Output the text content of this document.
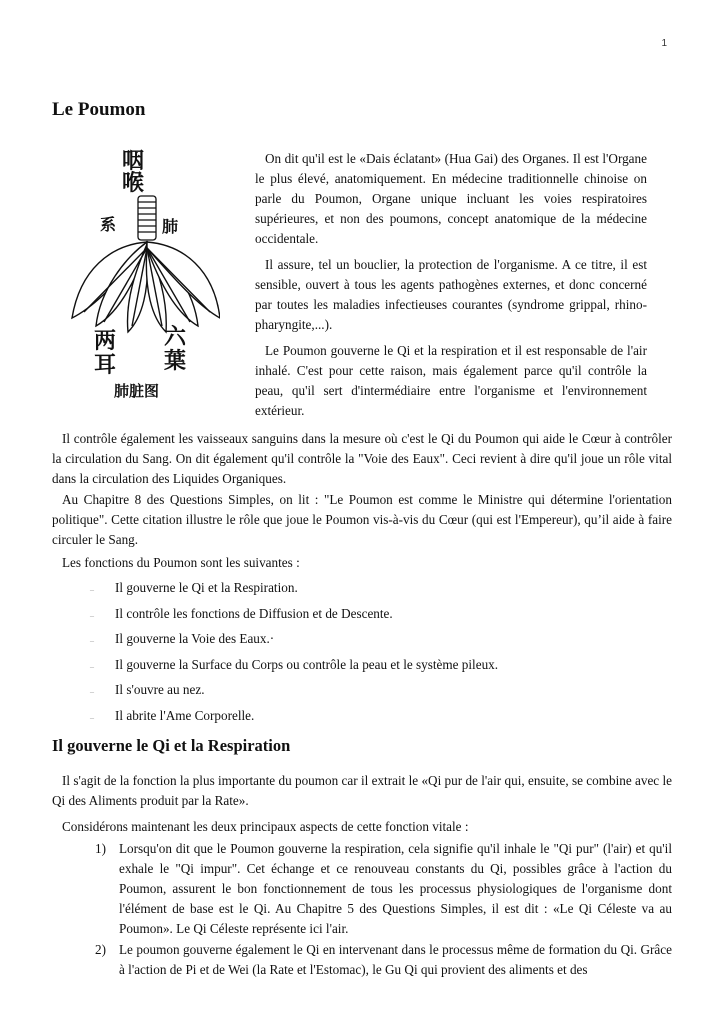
1
Le Poumon
咽
喉
系	肺
两
耳
六
葉
肺脏图

On dit qu'il est le «Dais éclatant» (Hua Gai) des Organes. Il est l'Organe le plus élevé, anatomiquement. En médecine traditionnelle chinoise on parle du Poumon, Organe unique incluant les voies respiratoires supérieures, et non des poumons, concept anatomique de la médecine occidentale.

Il assure, tel un bouclier, la protection de l'organisme. A ce titre, il est sensible, ouvert à tous les agents pathogènes externes, et donc concerné par toutes les maladies infectieuses courantes (syndrome grippal, rhino-pharyngite,...).

Le Poumon gouverne le Qi et la respiration et il est responsable de l'air inhalé. C'est pour cette raison, mais également parce qu'il contrôle la peau, qu'il sert d'intermédiaire entre l'organisme et l'environnement extérieur.

Il contrôle également les vaisseaux sanguins dans la mesure où c'est le Qi du Poumon qui aide le Cœur à contrôler la circulation du Sang. On dit également qu'il contrôle la "Voie des Eaux". Ceci revient à dire qu'il joue un rôle vital dans la circulation des Liquides Organiques.

Au Chapitre 8 des Questions Simples, on lit : "Le Poumon est comme le Ministre qui détermine l'orientation politique". Cette citation illustre le rôle que joue le Poumon vis-à-vis du Cœur (qui est l'Empereur), qu’il aide à faire circuler le Sang.

Les fonctions du Poumon sont les suivantes :

– Il gouverne le Qi et la Respiration.
– Il contrôle les fonctions de Diffusion et de Descente.
– Il gouverne la Voie des Eaux.·
– Il gouverne la Surface du Corps ou contrôle la peau et le système pileux.
– Il s'ouvre au nez.
– Il abrite l'Ame Corporelle.
Il gouverne le Qi et la Respiration

Il s'agit de la fonction la plus importante du poumon car il extrait le «Qi pur de l'air qui, ensuite, se combine avec le Qi des Aliments produit par la Rate».

Considérons maintenant les deux principaux aspects de cette fonction vitale :

1) Lorsqu'on dit que le Poumon gouverne la respiration, cela signifie qu'il inhale le "Qi pur" (l'air) et qu'il exhale le "Qi impur". Cet échange et ce renouveau constants du Qi, possibles grâce à l'action du Poumon, assurent le bon fonctionnement de tous les processus physiologiques de l'organisme dont l'élément de base est le Qi. Au Chapitre 5 des Questions Simples, il est dit : «Le Qi Céleste va au Poumon». Le Qi Céleste représente ici l'air.
2) Le poumon gouverne également le Qi en intervenant dans le processus même de formation du Qi. Grâce à l'action de Pi et de Wei (la Rate et l'Estomac), le Gu Qi qui provient des aliments et des
